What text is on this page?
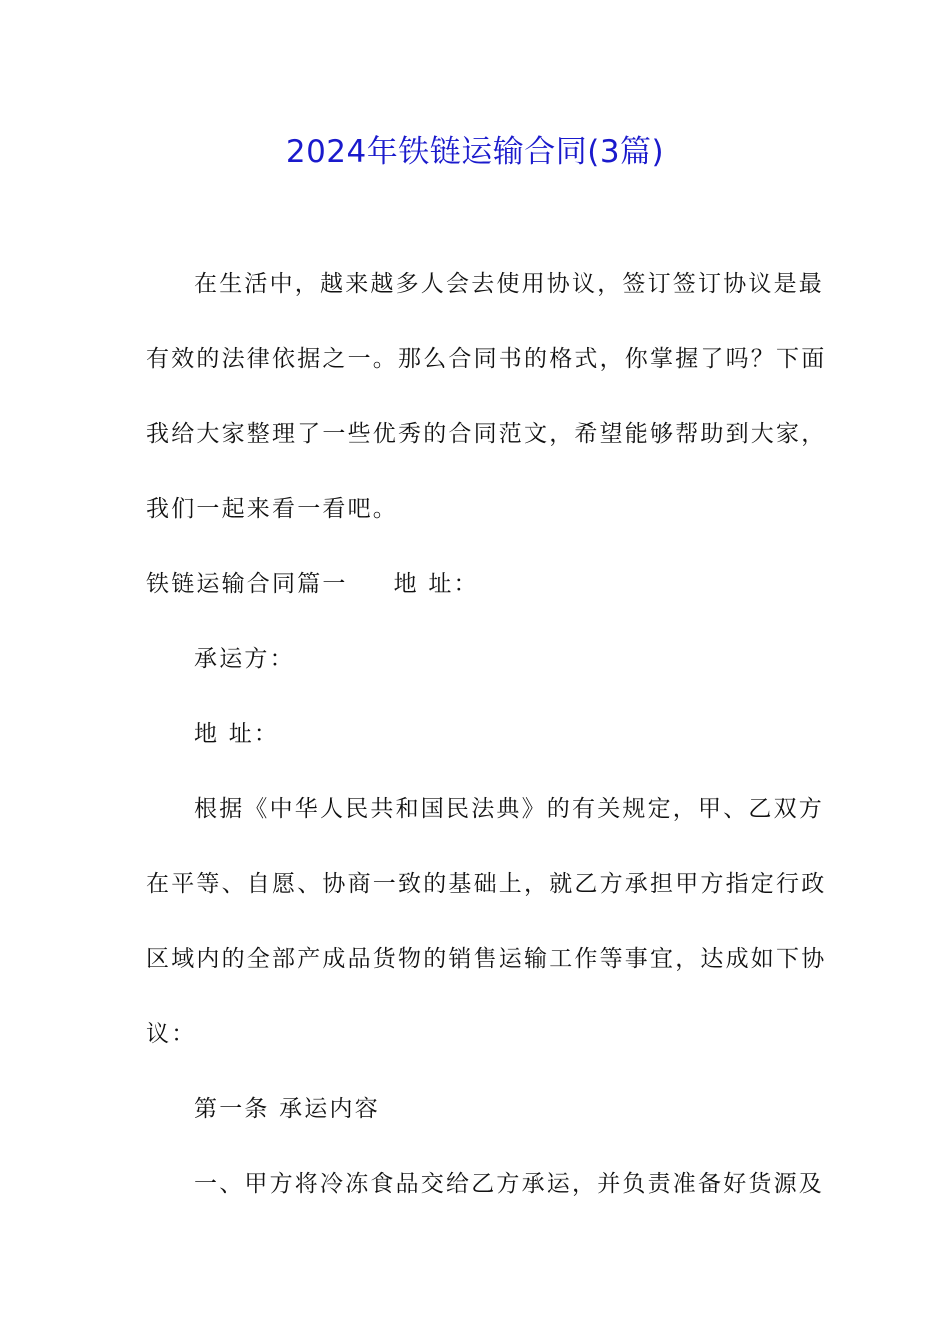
2024年铁链运输合同(3篇)
在生活中，越来越多人会去使用协议，签订签订协议是最
有效的法律依据之一。那么合同书的格式，你掌握了吗？下面
我给大家整理了一些优秀的合同范文，希望能够帮助到大家，
我们一起来看一看吧。
铁链运输合同篇一 地 址：
承运方：
地 址：
根据《中华人民共和国民法典》的有关规定，甲、乙双方
在平等、自愿、协商一致的基础上，就乙方承担甲方指定行政
区域内的全部产成品货物的销售运输工作等事宜，达成如下协
议：
第一条 承运内容
一、甲方将冷冻食品交给乙方承运，并负责准备好货源及
